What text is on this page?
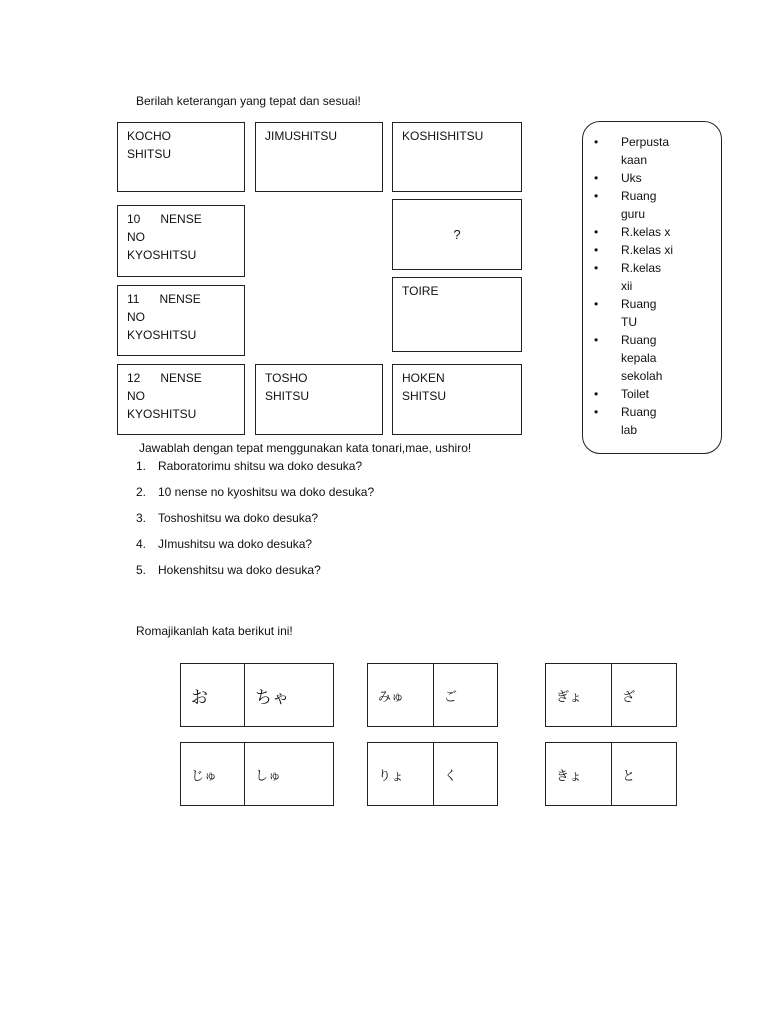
Berilah keterangan yang tepat dan sesuai!
KOCHO
SHITSU
JIMUSHITSU	KOSHISHITSU
10      NENSE
NO
KYOSHITSU
?
11      NENSE
NO
KYOSHITSU
TOIRE
12      NENSE
NO
KYOSHITSU
TOSHO
SHITSU
HOKEN
SHITSU
• Perpusta
kaan
• Uks
• Ruang
guru
• R.kelas x
• R.kelas xi
• R.kelas
xii
• Ruang
TU
• Ruang
kepala
sekolah
• Toilet
• Ruang
lab
Jawablah dengan tepat menggunakan kata tonari,mae, ushiro!
1. Raboratorimu shitsu wa doko desuka?
2. 10 nense no kyoshitsu wa doko desuka?
3. Toshoshitsu wa doko desuka?
4. JImushitsu wa doko desuka?
5. Hokenshitsu wa doko desuka?
Romajikanlah kata berikut ini!
お	ちゃ	みゅ	ご	ぎょ	ざ
じゅ	しゅ	りょ	く	きょ	と
